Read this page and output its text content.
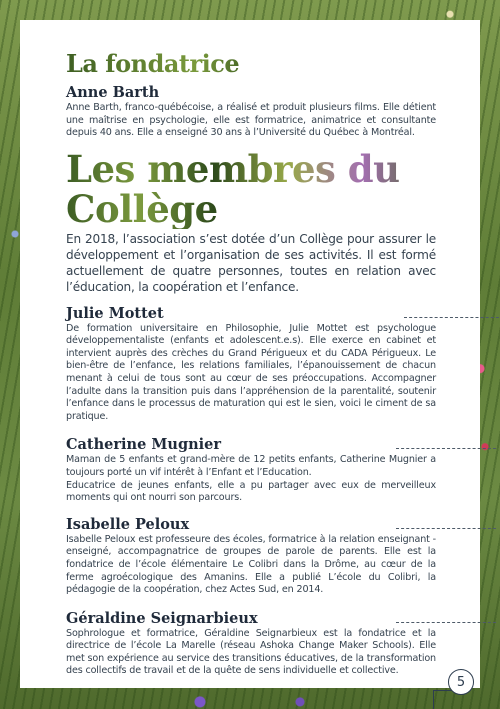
La fondatrice
Anne Barth

Anne Barth, franco-québécoise, a réalisé et produit plusieurs films. Elle détient une maîtrise en psychologie, elle est formatrice, animatrice et consultante depuis 40 ans. Elle a enseigné 30 ans à l’Université du Québec à Montréal.

Les membres du Collège

En 2018, l’association s’est dotée d’un Collège pour assurer le développement et l’organisation de ses activités. Il est formé actuellement de quatre personnes, toutes en relation avec l’éducation, la coopération et l’enfance.

Julie Mottet

De formation universitaire en Philosophie, Julie Mottet est psychologue développementaliste (enfants et adolescent.e.s). Elle exerce en cabinet et intervient auprès des crèches du Grand Périgueux et du CADA Périgueux. Le bien-être de l’enfance, les relations familiales, l’épanouissement de chacun menant à celui de tous sont au cœur de ses préoccupations. Accompagner l’adulte dans la transition puis dans l’appréhension de la parentalité, soutenir l’enfance dans le processus de maturation qui est le sien, voici le ciment de sa pratique.

Catherine Mugnier

Maman de 5 enfants et grand-mère de 12 petits enfants, Catherine Mugnier a toujours porté un vif intérêt à l’Enfant et l’Education.
Educatrice de jeunes enfants, elle a pu partager avec eux de merveilleux moments qui ont nourri son parcours.

Isabelle Peloux

Isabelle Peloux est professeure des écoles, formatrice à la relation enseignant - enseigné, accompagnatrice de groupes de parole de parents. Elle est la fondatrice de l’école élémentaire Le Colibri dans la Drôme, au cœur de la ferme agroécologique des Amanins. Elle a publié L’école du Colibri, la pédagogie de la coopération, chez Actes Sud, en 2014.

Géraldine Seignarbieux

Sophrologue et formatrice, Géraldine Seignarbieux est la fondatrice et la directrice de l’école La Marelle (réseau Ashoka Change Maker Schools). Elle met son expérience au service des transitions éducatives, de la transformation des collectifs de travail et de la quête de sens individuelle et collective.

5
